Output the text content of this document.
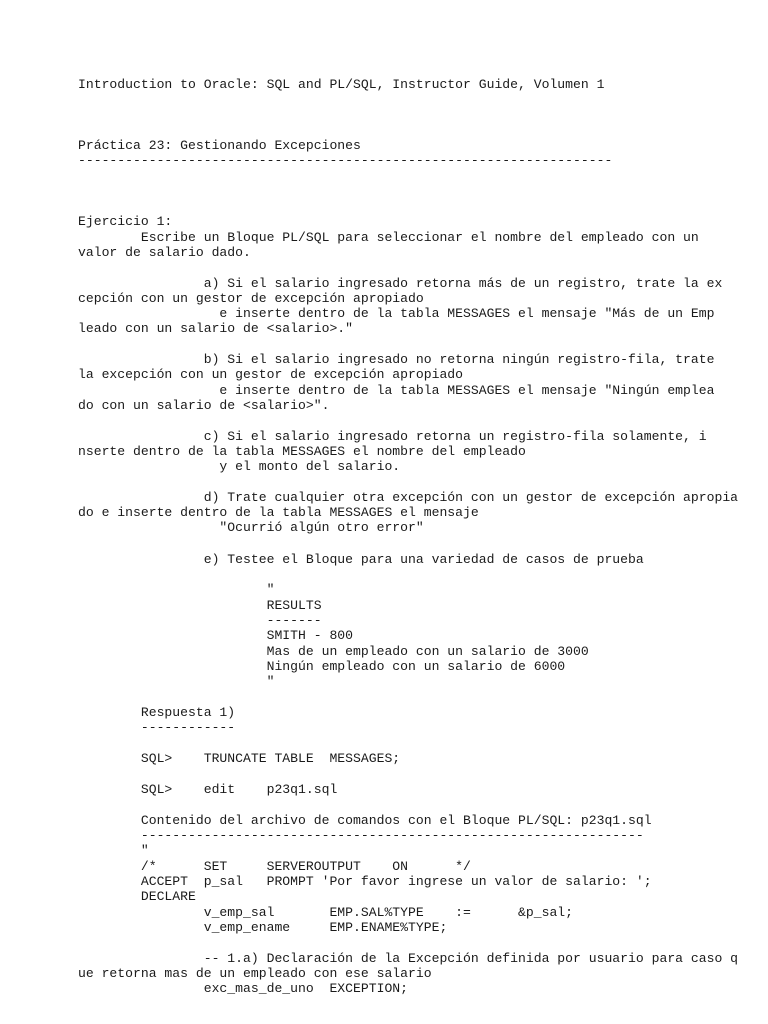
Introduction to Oracle: SQL and PL/SQL, Instructor Guide, Volumen 1

Práctica 23: Gestionando Excepciones

--------------------------------------------------------------------

Ejercicio 1:

Escribe un Bloque PL/SQL para seleccionar el nombre del empleado con un

valor de salario dado.

a) Si el salario ingresado retorna más de un registro, trate la ex

cepción con un gestor de excepción apropiado

e inserte dentro de la tabla MESSAGES el mensaje "Más de un Emp

leado con un salario de <salario>."

b) Si el salario ingresado no retorna ningún registro-fila, trate

la excepción con un gestor de excepción apropiado

e inserte dentro de la tabla MESSAGES el mensaje "Ningún emplea

do con un salario de <salario>".

c) Si el salario ingresado retorna un registro-fila solamente, i

nserte dentro de la tabla MESSAGES el nombre del empleado

y el monto del salario.

d) Trate cualquier otra excepción con un gestor de excepción apropia

do e inserte dentro de la tabla MESSAGES el mensaje

"Ocurrió algún otro error"

e) Testee el Bloque para una variedad de casos de prueba

"

RESULTS

-------

SMITH - 800

Mas de un empleado con un salario de 3000

Ningún empleado con un salario de 6000

"

Respuesta 1)

------------

SQL>    TRUNCATE TABLE  MESSAGES;

SQL>    edit    p23q1.sql

Contenido del archivo de comandos con el Bloque PL/SQL: p23q1.sql

----------------------------------------------------------------

"

/*      SET     SERVEROUTPUT    ON      */

ACCEPT  p_sal   PROMPT 'Por favor ingrese un valor de salario: ';

DECLARE

v_emp_sal       EMP.SAL%TYPE    :=      &p_sal;

v_emp_ename     EMP.ENAME%TYPE;

-- 1.a) Declaración de la Excepción definida por usuario para caso q

ue retorna mas de un empleado con ese salario

exc_mas_de_uno  EXCEPTION;
